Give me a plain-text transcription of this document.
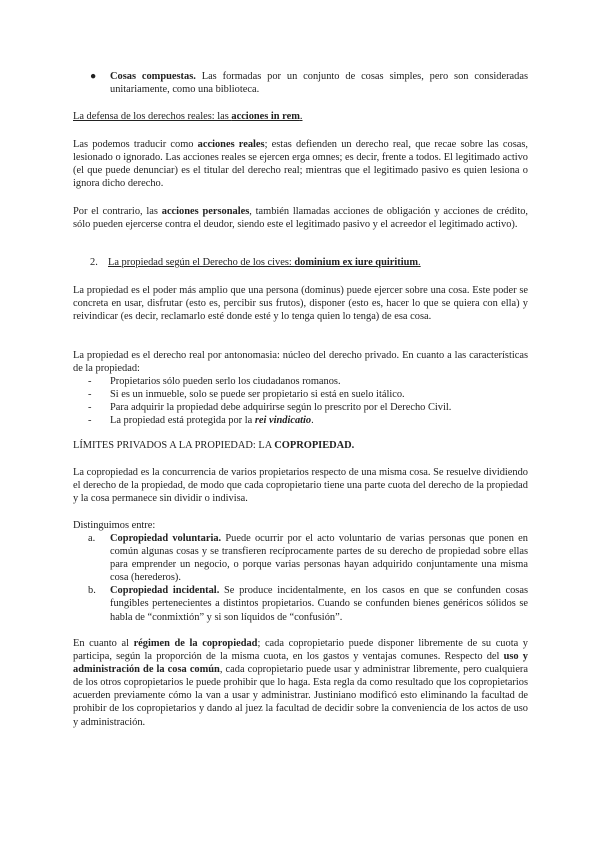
● Cosas compuestas. Las formadas por un conjunto de cosas simples, pero son consideradas unitariamente, como una biblioteca.
La defensa de los derechos reales: las acciones in rem.

Las podemos traducir como acciones reales; estas defienden un derecho real, que recae sobre las cosas, lesionado o ignorado. Las acciones reales se ejercen erga omnes; es decir, frente a todos. El legitimado activo (el que puede denunciar) es el titular del derecho real; mientras que el legitimado pasivo es quien lesiona o ignora dicho derecho.

Por el contrario, las acciones personales, también llamadas acciones de obligación y acciones de crédito, sólo pueden ejercerse contra el deudor, siendo este el legitimado pasivo y el acreedor el legitimado activo).

2. La propiedad según el Derecho de los cives: dominium ex iure quiritium.

La propiedad es el poder más amplio que una persona (dominus) puede ejercer sobre una cosa. Este poder se concreta en usar, disfrutar (esto es, percibir sus frutos), disponer (esto es, hacer lo que se quiera con ella) y reivindicar (es decir, reclamarlo esté donde esté y lo tenga quien lo tenga) de esa cosa.

La propiedad es el derecho real por antonomasia: núcleo del derecho privado. En cuanto a las características de la propiedad:

- Propietarios sólo pueden serlo los ciudadanos romanos.
- Si es un inmueble, solo se puede ser propietario si está en suelo itálico.
- Para adquirir la propiedad debe adquirirse según lo prescrito por el Derecho Civil.
- La propiedad está protegida por la rei vindicatio.
LÍMITES PRIVADOS A LA PROPIEDAD: LA COPROPIEDAD.

La copropiedad es la concurrencia de varios propietarios respecto de una misma cosa. Se resuelve dividiendo el derecho de la propiedad, de modo que cada copropietario tiene una parte cuota del derecho de la propiedad y la cosa permanece sin dividir o indivisa.

Distinguimos entre:

a. Copropiedad voluntaria. Puede ocurrir por el acto voluntario de varias personas que ponen en común algunas cosas y se transfieren recíprocamente partes de su derecho de propiedad sobre ellas para emprender un negocio, o porque varias personas hayan adquirido conjuntamente una misma cosa (herederos).
b. Copropiedad incidental. Se produce incidentalmente, en los casos en que se confunden cosas fungibles pertenecientes a distintos propietarios. Cuando se confunden bienes genéricos sólidos se habla de “conmixtión” y si son líquidos de “confusión”.

En cuanto al régimen de la copropiedad; cada copropietario puede disponer libremente de su cuota y participa, según la proporción de la misma cuota, en los gastos y ventajas comunes. Respecto del uso y administración de la cosa común, cada copropietario puede usar y administrar libremente, pero cualquiera de los otros copropietarios le puede prohibir que lo haga. Esta regla da como resultado que los copropietarios acuerden previamente cómo la van a usar y administrar. Justiniano modificó esto eliminando la facultad de prohibir de los copropietarios y dando al juez la facultad de decidir sobre la conveniencia de los actos de uso y administración.
